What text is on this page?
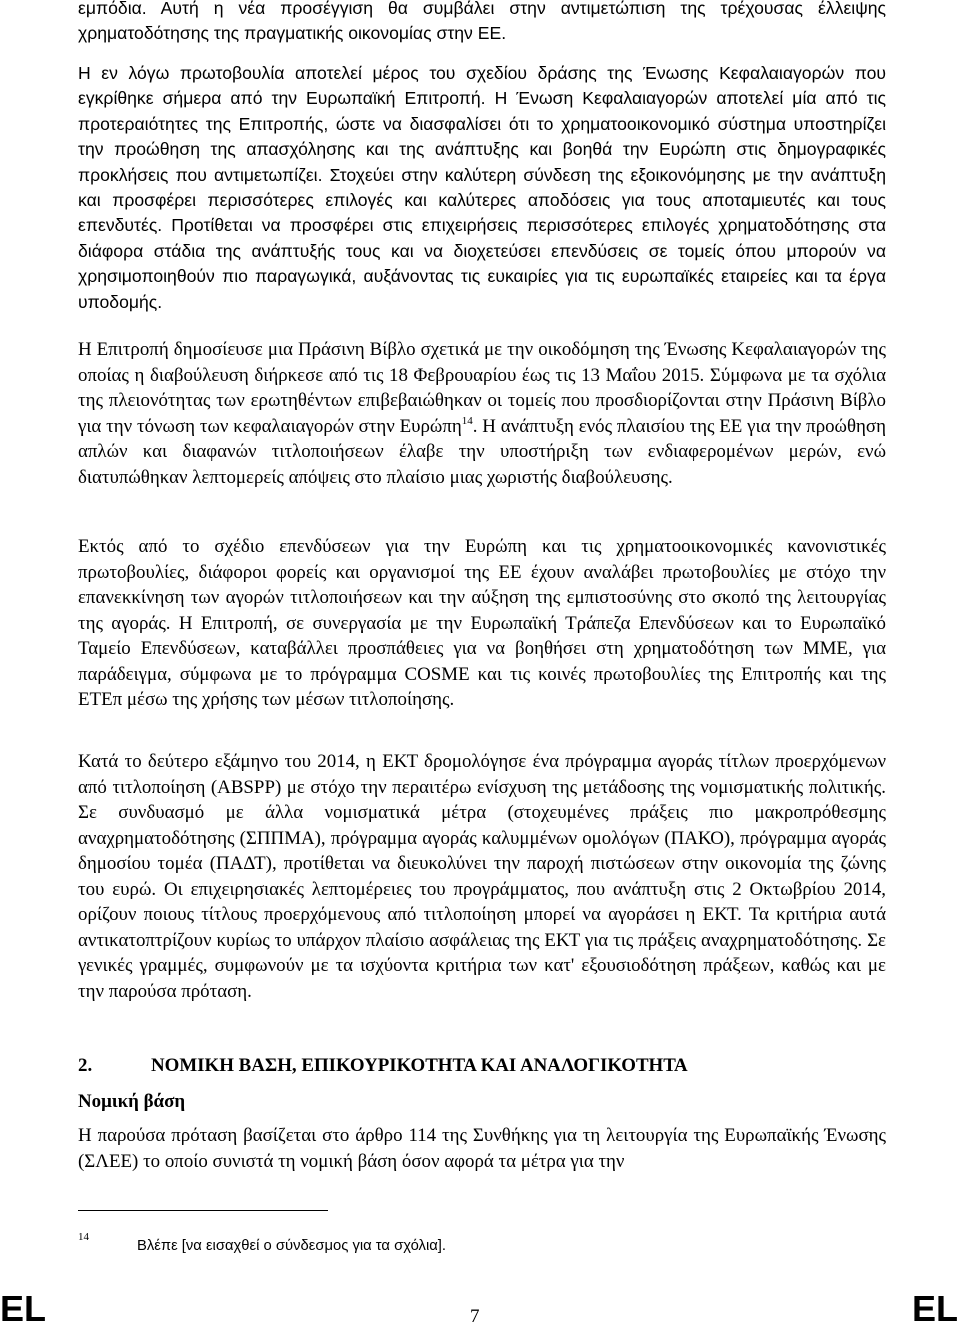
εμπόδια. Αυτή η νέα προσέγγιση θα συμβάλει στην αντιμετώπιση της τρέχουσας έλλειψης χρηματοδότησης της πραγματικής οικονομίας στην ΕΕ.

Η εν λόγω πρωτοβουλία αποτελεί μέρος του σχεδίου δράσης της Ένωσης Κεφαλαιαγορών που εγκρίθηκε σήμερα από την Ευρωπαϊκή Επιτροπή. Η Ένωση Κεφαλαιαγορών αποτελεί μία από τις προτεραιότητες της Επιτροπής, ώστε να διασφαλίσει ότι το χρηματοοικονομικό σύστημα υποστηρίζει την προώθηση της απασχόλησης και της ανάπτυξης και βοηθά την Ευρώπη στις δημογραφικές προκλήσεις που αντιμετωπίζει. Στοχεύει στην καλύτερη σύνδεση της εξοικονόμησης με την ανάπτυξη και προσφέρει περισσότερες επιλογές και καλύτερες αποδόσεις για τους αποταμιευτές και τους επενδυτές. Προτίθεται να προσφέρει στις επιχειρήσεις περισσότερες επιλογές χρηματοδότησης στα διάφορα στάδια της ανάπτυξής τους και να διοχετεύσει επενδύσεις σε τομείς όπου μπορούν να χρησιμοποιηθούν πιο παραγωγικά, αυξάνοντας τις ευκαιρίες για τις ευρωπαϊκές εταιρείες και τα έργα υποδομής.

Η Επιτροπή δημοσίευσε μια Πράσινη Βίβλο σχετικά με την οικοδόμηση της Ένωσης Κεφαλαιαγορών της οποίας η διαβούλευση διήρκεσε από τις 18 Φεβρουαρίου έως τις 13 Μαΐου 2015. Σύμφωνα με τα σχόλια της πλειονότητας των ερωτηθέντων επιβεβαιώθηκαν οι τομείς που προσδιορίζονται στην Πράσινη Βίβλο για την τόνωση των κεφαλαιαγορών στην Ευρώπη$^{14}$. Η ανάπτυξη ενός πλαισίου της ΕΕ για την προώθηση απλών και διαφανών τιτλοποιήσεων έλαβε την υποστήριξη των ενδιαφερομένων μερών, ενώ διατυπώθηκαν λεπτομερείς απόψεις στο πλαίσιο μιας χωριστής διαβούλευσης.

Εκτός από το σχέδιο επενδύσεων για την Ευρώπη και τις χρηματοοικονομικές κανονιστικές πρωτοβουλίες, διάφοροι φορείς και οργανισμοί της ΕΕ έχουν αναλάβει πρωτοβουλίες με στόχο την επανεκκίνηση των αγορών τιτλοποιήσεων και την αύξηση της εμπιστοσύνης στο σκοπό της λειτουργίας της αγοράς. Η Επιτροπή, σε συνεργασία με την Ευρωπαϊκή Τράπεζα Επενδύσεων και το Ευρωπαϊκό Ταμείο Επενδύσεων, καταβάλλει προσπάθειες για να βοηθήσει στη χρηματοδότηση των ΜΜΕ, για παράδειγμα, σύμφωνα με το πρόγραμμα COSME και τις κοινές πρωτοβουλίες της Επιτροπής και της ΕΤΕπ μέσω της χρήσης των μέσων τιτλοποίησης.

Κατά το δεύτερο εξάμηνο του 2014, η ΕΚΤ δρομολόγησε ένα πρόγραμμα αγοράς τίτλων προερχόμενων από τιτλοποίηση (ABSPP) με στόχο την περαιτέρω ενίσχυση της μετάδοσης της νομισματικής πολιτικής. Σε συνδυασμό με άλλα νομισματικά μέτρα (στοχευμένες πράξεις πιο μακροπρόθεσμης αναχρηματοδότησης (ΣΠΠΜΑ), πρόγραμμα αγοράς καλυμμένων ομολόγων (ΠΑΚΟ), πρόγραμμα αγοράς δημοσίου τομέα (ΠΑΔΤ), προτίθεται να διευκολύνει την παροχή πιστώσεων στην οικονομία της ζώνης του ευρώ. Οι επιχειρησιακές λεπτομέρειες του προγράμματος, που ανάπτυξη στις 2 Οκτωβρίου 2014, ορίζουν ποιους τίτλους προερχόμενους από τιτλοποίηση μπορεί να αγοράσει η ΕΚΤ. Τα κριτήρια αυτά αντικατοπτρίζουν κυρίως το υπάρχον πλαίσιο ασφάλειας της ΕΚΤ για τις πράξεις αναχρηματοδότησης. Σε γενικές γραμμές, συμφωνούν με τα ισχύοντα κριτήρια των κατ' εξουσιοδότηση πράξεων, καθώς και με την παρούσα πρόταση.

2.	ΝΟΜΙΚΗ ΒΑΣΗ, ΕΠΙΚΟΥΡΙΚΟΤΗΤΑ ΚΑΙ ΑΝΑΛΟΓΙΚΟΤΗΤΑ
Νομική βάση

Η παρούσα πρόταση βασίζεται στο άρθρο 114 της Συνθήκης για τη λειτουργία της Ευρωπαϊκής Ένωσης (ΣΛΕΕ) το οποίο συνιστά τη νομική βάση όσον αφορά τα μέτρα για την

14
Βλέπε [να εισαχθεί ο σύνδεσμος για τα σχόλια].
EL	7	EL
